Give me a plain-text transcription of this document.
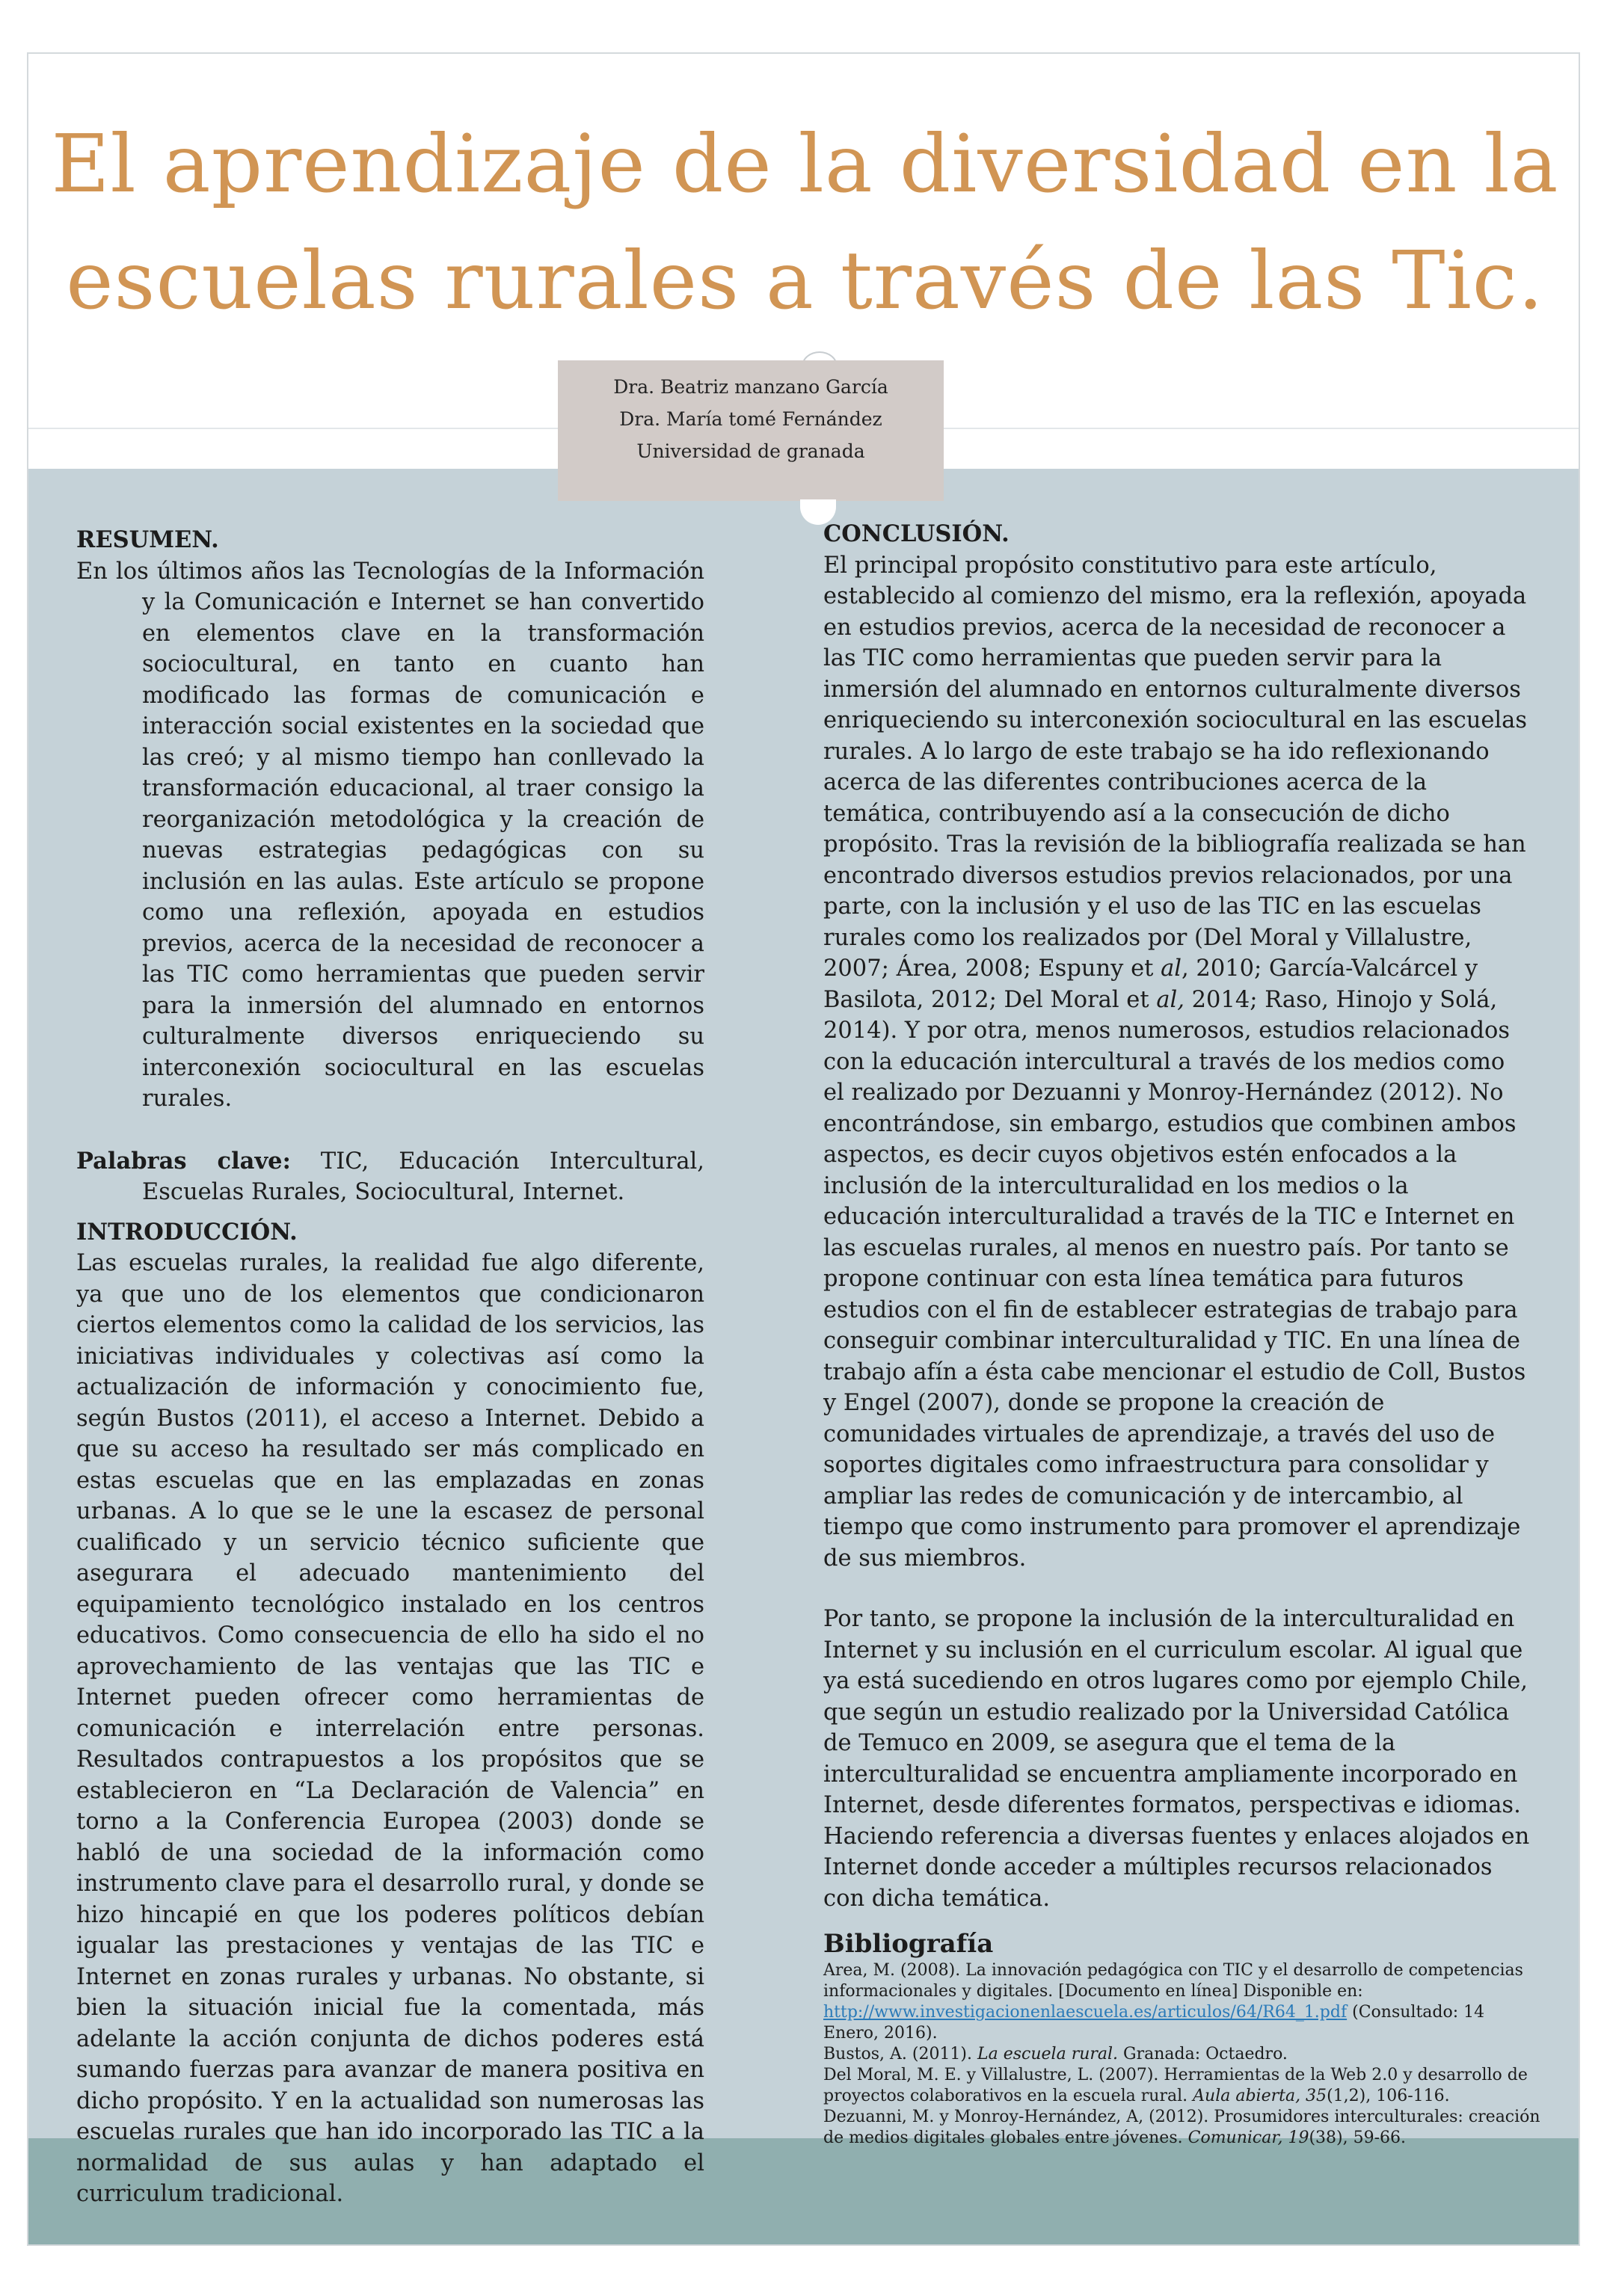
El aprendizaje de la diversidad en la
escuelas rurales a través de las Tic.
Dra. Beatriz manzano García
Dra. María tomé Fernández
Universidad de granada
RESUMEN.

En los últimos años las Tecnologías de la Información y la Comunicación e Internet se han convertido en elementos clave en la transformación sociocultural, en tanto en cuanto han modificado las formas de comunicación e interacción social existentes en la sociedad que las creó; y al mismo tiempo han conllevado la transformación educacional, al traer consigo la reorganización metodológica y la creación de nuevas estrategias pedagógicas con su inclusión en las aulas. Este artículo se propone como una reflexión, apoyada en estudios previos, acerca de la necesidad de reconocer a las TIC como herramientas que pueden servir para la inmersión del alumnado en entornos culturalmente diversos enriqueciendo su interconexión sociocultural en las escuelas rurales.

Palabras clave: TIC, Educación Intercultural, Escuelas Rurales, Sociocultural, Internet.

INTRODUCCIÓN.

Las escuelas rurales, la realidad fue algo diferente, ya que uno de los elementos que condicionaron ciertos elementos como la calidad de los servicios, las iniciativas individuales y colectivas así como la actualización de información y conocimiento fue, según Bustos (2011), el acceso a Internet. Debido a que su acceso ha resultado ser más complicado en estas escuelas que en las emplazadas en zonas urbanas. A lo que se le une la escasez de personal cualificado y un servicio técnico suficiente que asegurara el adecuado mantenimiento del equipamiento tecnológico instalado en los centros educativos. Como consecuencia de ello ha sido el no aprovechamiento de las ventajas que las TIC e Internet pueden ofrecer como herramientas de comunicación e interrelación entre personas. Resultados contrapuestos a los propósitos que se establecieron en “La Declaración de Valencia” en torno a la Conferencia Europea (2003) donde se habló de una sociedad de la información como instrumento clave para el desarrollo rural, y donde se hizo hincapié en que los poderes políticos debían igualar las prestaciones y ventajas de las TIC e Internet en zonas rurales y urbanas. No obstante, si bien la situación inicial fue la comentada, más adelante la acción conjunta de dichos poderes está sumando fuerzas para avanzar de manera positiva en dicho propósito. Y en la actualidad son numerosas las escuelas rurales que han ido incorporado las TIC a la normalidad de sus aulas y han adaptado el curriculum tradicional.

CONCLUSIÓN.

El principal propósito constitutivo para este artículo, establecido al comienzo del mismo, era la reflexión, apoyada en estudios previos, acerca de la necesidad de reconocer a las TIC como herramientas que pueden servir para la inmersión del alumnado en entornos culturalmente diversos enriqueciendo su interconexión sociocultural en las escuelas rurales. A lo largo de este trabajo se ha ido reflexionando acerca de las diferentes contribuciones acerca de la temática, contribuyendo así a la consecución de dicho propósito. Tras la revisión de la bibliografía realizada se han encontrado diversos estudios previos relacionados, por una parte, con la inclusión y el uso de las TIC en las escuelas rurales como los realizados por (Del Moral y Villalustre, 2007; Área, 2008; Espuny et al, 2010; García-Valcárcel y Basilota, 2012; Del Moral et al, 2014; Raso, Hinojo y Solá, 2014). Y por otra, menos numerosos, estudios relacionados con la educación intercultural a través de los medios como el realizado por Dezuanni y Monroy-Hernández (2012). No encontrándose, sin embargo, estudios que combinen ambos aspectos, es decir cuyos objetivos estén enfocados a la inclusión de la interculturalidad en los medios o la educación interculturalidad a través de la TIC e Internet en las escuelas rurales, al menos en nuestro país. Por tanto se propone continuar con esta línea temática para futuros estudios con el fin de establecer estrategias de trabajo para conseguir combinar interculturalidad y TIC. En una línea de trabajo afín a ésta cabe mencionar el estudio de Coll, Bustos y Engel (2007), donde se propone la creación de comunidades virtuales de aprendizaje, a través del uso de soportes digitales como infraestructura para consolidar y ampliar las redes de comunicación y de intercambio, al tiempo que como instrumento para promover el aprendizaje de sus miembros.

Por tanto, se propone la inclusión de la interculturalidad en Internet y su inclusión en el curriculum escolar. Al igual que ya está sucediendo en otros lugares como por ejemplo Chile, que según un estudio realizado por la Universidad Católica de Temuco en 2009, se asegura que el tema de la interculturalidad se encuentra ampliamente incorporado en Internet, desde diferentes formatos, perspectivas e idiomas. Haciendo referencia a diversas fuentes y enlaces alojados en Internet donde acceder a múltiples recursos relacionados con dicha temática.

Bibliografía
Area, M. (2008). La innovación pedagógica con TIC y el desarrollo de competencias informacionales y digitales. [Documento en línea] Disponible en: http://www.investigacionenlaescuela.es/articulos/64/R64_1.pdf (Consultado: 14 Enero, 2016).
Bustos, A. (2011). La escuela rural. Granada: Octaedro.
Del Moral, M. E. y Villalustre, L. (2007). Herramientas de la Web 2.0 y desarrollo de proyectos colaborativos en la escuela rural. Aula abierta, 35(1,2), 106-116.
Dezuanni, M. y Monroy-Hernández, A, (2012). Prosumidores interculturales: creación de medios digitales globales entre jóvenes. Comunicar, 19(38), 59-66.
